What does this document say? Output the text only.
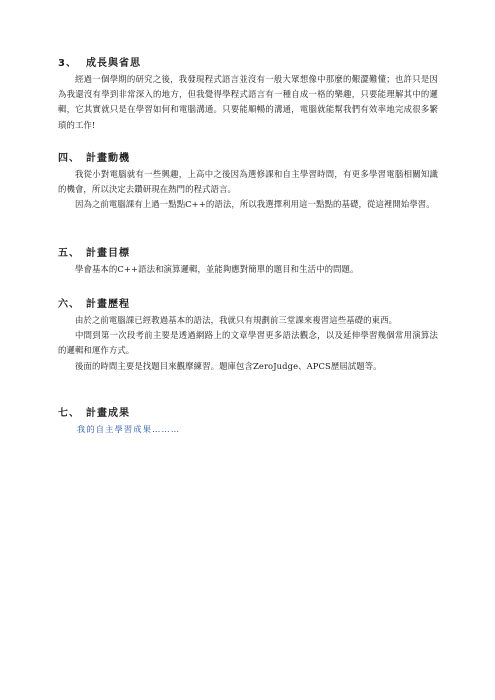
3、 成長與省思

經過一個學期的研究之後，我發現程式語言並沒有一般大眾想像中那麼的艱澀難懂；也許只是因為我還沒有學到非常深入的地方，但我覺得學程式語言有一種自成一格的樂趣，只要能理解其中的邏輯，它其實就只是在學習如何和電腦溝通。只要能順暢的溝通，電腦就能幫我們有效率地完成很多繁瑣的工作!

四、 計畫動機

我從小對電腦就有一些興趣，上高中之後因為選修課和自主學習時間，有更多學習電腦相關知識的機會，所以決定去鑽研現在熱門的程式語言。

因為之前電腦課有上過一點點C++的語法，所以我選擇利用這一點點的基礎，從這裡開始學習。

五、 計畫目標

學會基本的C++語法和演算邏輯，並能夠應對簡單的題目和生活中的問題。

六、 計畫歷程

由於之前電腦課已經教過基本的語法，我就只有規劃前三堂課來複習這些基礎的東西。

中間到第一次段考前主要是透過網路上的文章學習更多語法觀念，以及延伸學習幾個常用演算法的邏輯和運作方式。

後面的時間主要是找題目來觀摩練習。題庫包含ZeroJudge、APCS歷屆試題等。

七、 計畫成果
我的自主學習成果………
